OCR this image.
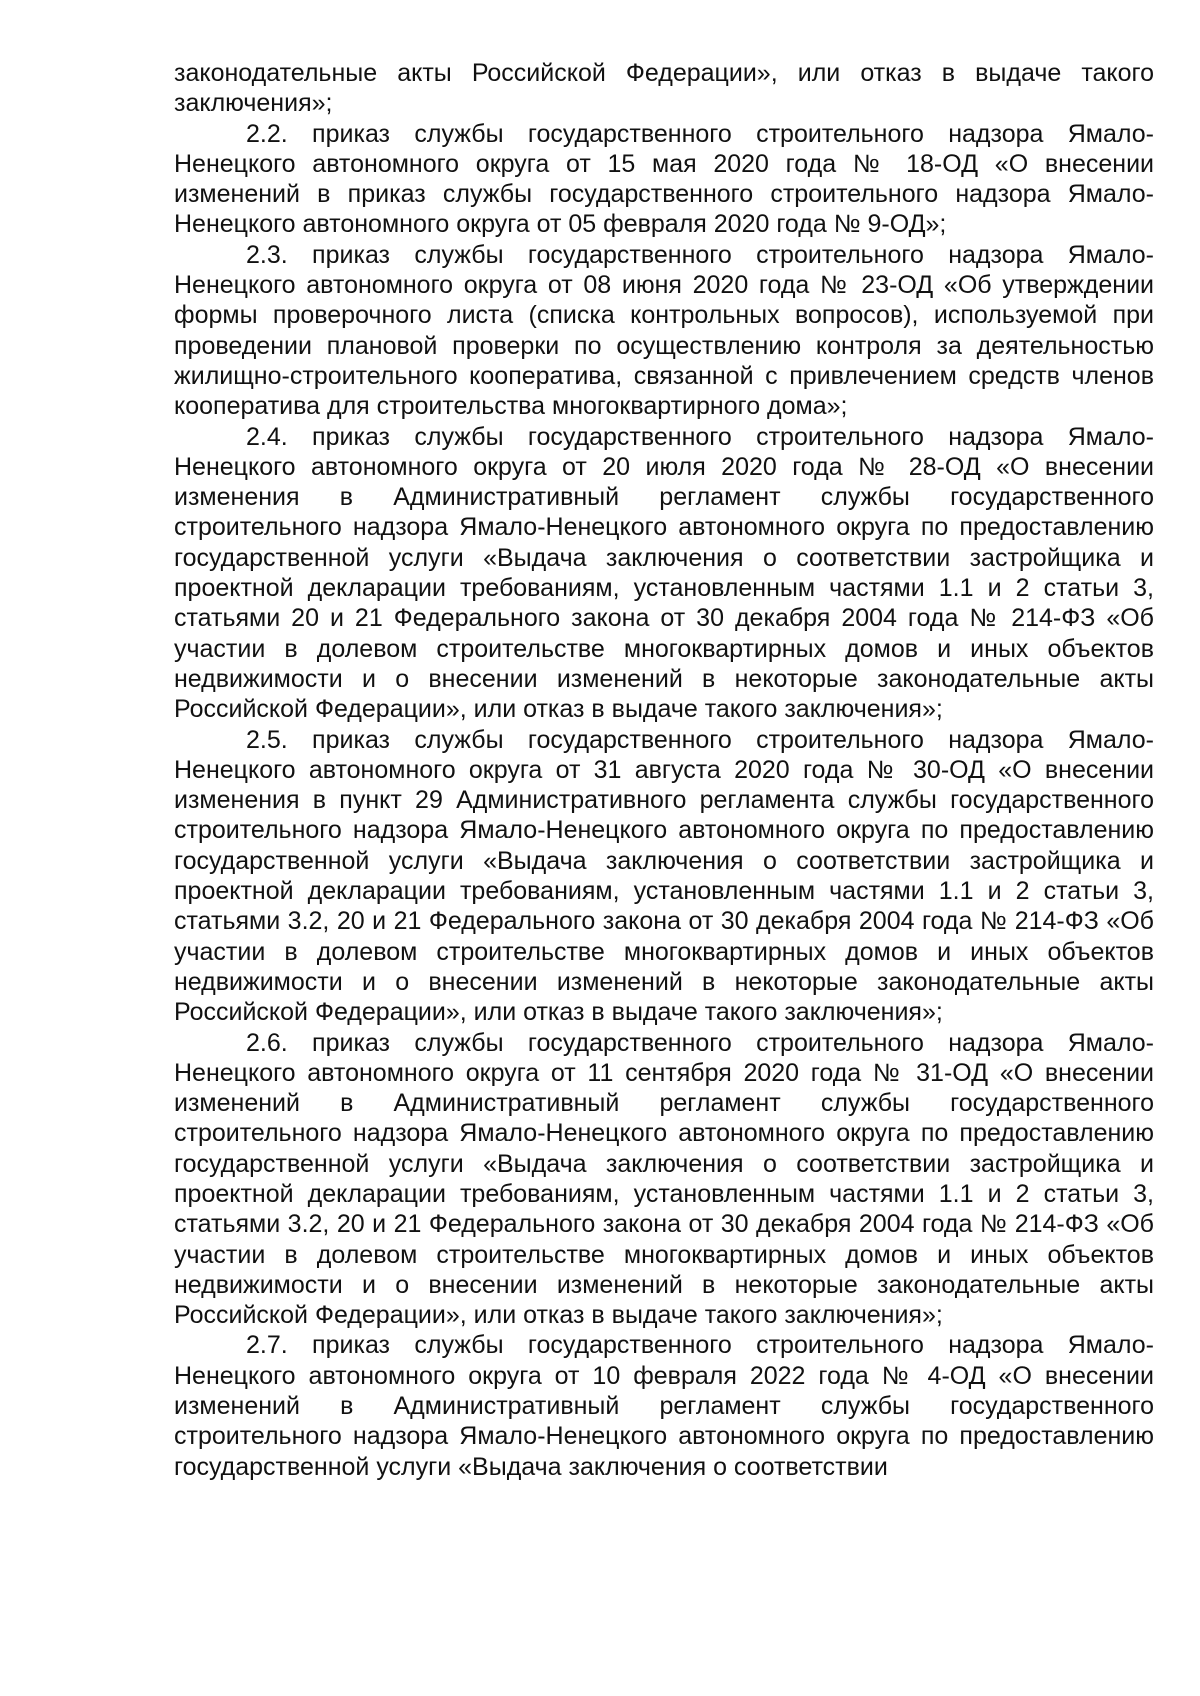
законодательные акты Российской Федерации», или отказ в выдаче такого заключения»;

2.2. приказ службы государственного строительного надзора Ямало-Ненецкого автономного округа от 15 мая 2020 года № 18-ОД «О внесении изменений в приказ службы государственного строительного надзора Ямало-Ненецкого автономного округа от 05 февраля 2020 года № 9-ОД»;

2.3. приказ службы государственного строительного надзора Ямало-Ненецкого автономного округа от 08 июня 2020 года № 23-ОД «Об утверждении формы проверочного листа (списка контрольных вопросов), используемой при проведении плановой проверки по осуществлению контроля за деятельностью жилищно-строительного кооператива, связанной с привлечением средств членов кооператива для строительства многоквартирного дома»;

2.4. приказ службы государственного строительного надзора Ямало-Ненецкого автономного округа от 20 июля 2020 года № 28-ОД «О внесении изменения в Административный регламент службы государственного строительного надзора Ямало-Ненецкого автономного округа по предоставлению государственной услуги «Выдача заключения о соответствии застройщика и проектной декларации требованиям, установленным частями 1.1 и 2 статьи 3, статьями 20 и 21 Федерального закона от 30 декабря 2004 года № 214-ФЗ «Об участии в долевом строительстве многоквартирных домов и иных объектов недвижимости и о внесении изменений в некоторые законодательные акты Российской Федерации», или отказ в выдаче такого заключения»;

2.5. приказ службы государственного строительного надзора Ямало-Ненецкого автономного округа от 31 августа 2020 года № 30-ОД «О внесении изменения в пункт 29 Административного регламента службы государственного строительного надзора Ямало-Ненецкого автономного округа по предоставлению государственной услуги «Выдача заключения о соответствии застройщика и проектной декларации требованиям, установленным частями 1.1 и 2 статьи 3, статьями 3.2, 20 и 21 Федерального закона от 30 декабря 2004 года № 214-ФЗ «Об участии в долевом строительстве многоквартирных домов и иных объектов недвижимости и о внесении изменений в некоторые законодательные акты Российской Федерации», или отказ в выдаче такого заключения»;

2.6. приказ службы государственного строительного надзора Ямало-Ненецкого автономного округа от 11 сентября 2020 года № 31-ОД «О внесении изменений в Административный регламент службы государственного строительного надзора Ямало-Ненецкого автономного округа по предоставлению государственной услуги «Выдача заключения о соответствии застройщика и проектной декларации требованиям, установленным частями 1.1 и 2 статьи 3, статьями 3.2, 20 и 21 Федерального закона от 30 декабря 2004 года № 214-ФЗ «Об участии в долевом строительстве многоквартирных домов и иных объектов недвижимости и о внесении изменений в некоторые законодательные акты Российской Федерации», или отказ в выдаче такого заключения»;

2.7. приказ службы государственного строительного надзора Ямало-Ненецкого автономного округа от 10 февраля 2022 года № 4-ОД «О внесении изменений в Административный регламент службы государственного строительного надзора Ямало-Ненецкого автономного округа по предоставлению государственной услуги «Выдача заключения о соответствии
